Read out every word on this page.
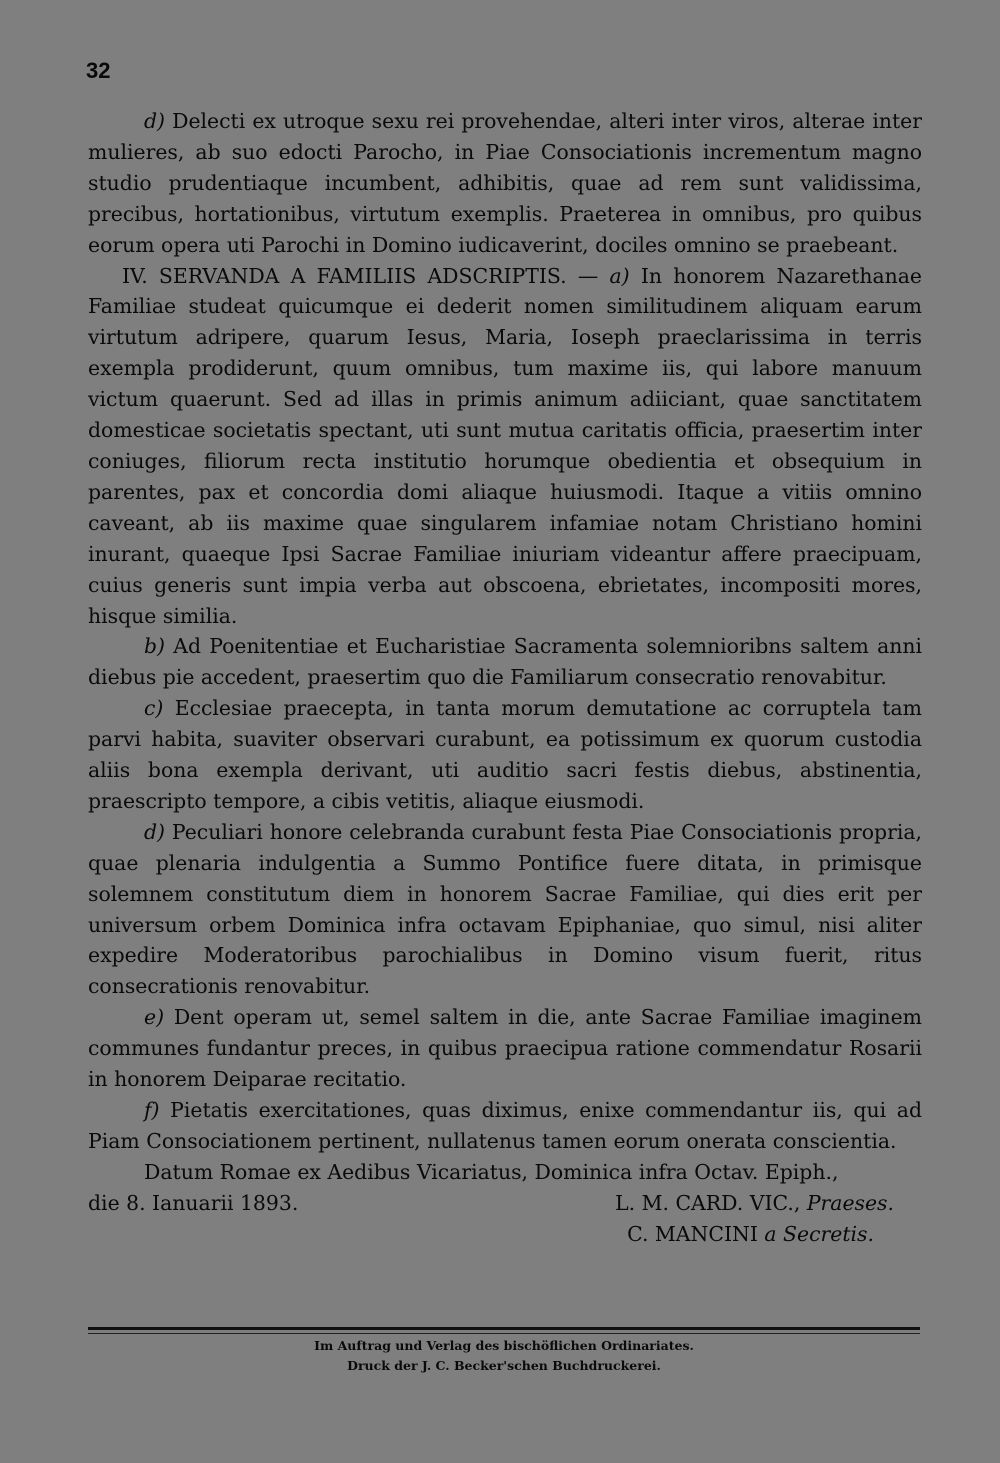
32

d) Delecti ex utroque sexu rei provehendae, alteri inter viros, alterae inter mulieres, ab suo edocti Parocho, in Piae Consociationis incrementum magno studio prudentiaque incumbent, adhibitis, quae ad rem sunt validissima, precibus, hortationibus, virtutum exemplis. Praeterea in omnibus, pro quibus eorum opera uti Parochi in Domino iudicaverint, dociles omnino se praebeant.

IV. SERVANDA A FAMILIIS ADSCRIPTIS. — a) In honorem Nazarethanae Familiae studeat quicumque ei dederit nomen similitudinem aliquam earum virtutum adripere, quarum Iesus, Maria, Ioseph praeclarissima in terris exempla prodiderunt, quum omnibus, tum maxime iis, qui labore manuum victum quaerunt. Sed ad illas in primis animum adiiciant, quae sanctitatem domesticae societatis spectant, uti sunt mutua caritatis officia, praesertim inter coniuges, filiorum recta institutio horumque obedientia et obsequium in parentes, pax et concordia domi aliaque huiusmodi. Itaque a vitiis omnino caveant, ab iis maxime quae singularem infamiae notam Christiano homini inurant, quaeque Ipsi Sacrae Familiae iniuriam videantur affere praecipuam, cuius generis sunt impia verba aut obscoena, ebrietates, incompositi mores, hisque similia.

b) Ad Poenitentiae et Eucharistiae Sacramenta solemnioribns saltem anni diebus pie accedent, praesertim quo die Familiarum consecratio renovabitur.

c) Ecclesiae praecepta, in tanta morum demutatione ac corruptela tam parvi habita, suaviter observari curabunt, ea potissimum ex quorum custodia aliis bona exempla derivant, uti auditio sacri festis diebus, abstinentia, praescripto tempore, a cibis vetitis, aliaque eiusmodi.

d) Peculiari honore celebranda curabunt festa Piae Consociationis propria, quae plenaria indulgentia a Summo Pontifice fuere ditata, in primisque solemnem constitutum diem in honorem Sacrae Familiae, qui dies erit per universum orbem Dominica infra octavam Epiphaniae, quo simul, nisi aliter expedire Moderatoribus parochialibus in Domino visum fuerit, ritus consecrationis renovabitur.

e) Dent operam ut, semel saltem in die, ante Sacrae Familiae imaginem communes fundantur preces, in quibus praecipua ratione commendatur Rosarii in honorem Deiparae recitatio.

f) Pietatis exercitationes, quas diximus, enixe commendantur iis, qui ad Piam Consociationem pertinent, nullatenus tamen eorum onerata conscientia.

Datum Romae ex Aedibus Vicariatus, Dominica infra Octav. Epiph.,

die 8. Ianuarii 1893.	L. M. CARD. VIC., Praeses.
C. MANCINI a Secretis.
Im Auftrag und Verlag des bischöflichen Ordinariates.
Druck der J. C. Becker'schen Buchdruckerei.
